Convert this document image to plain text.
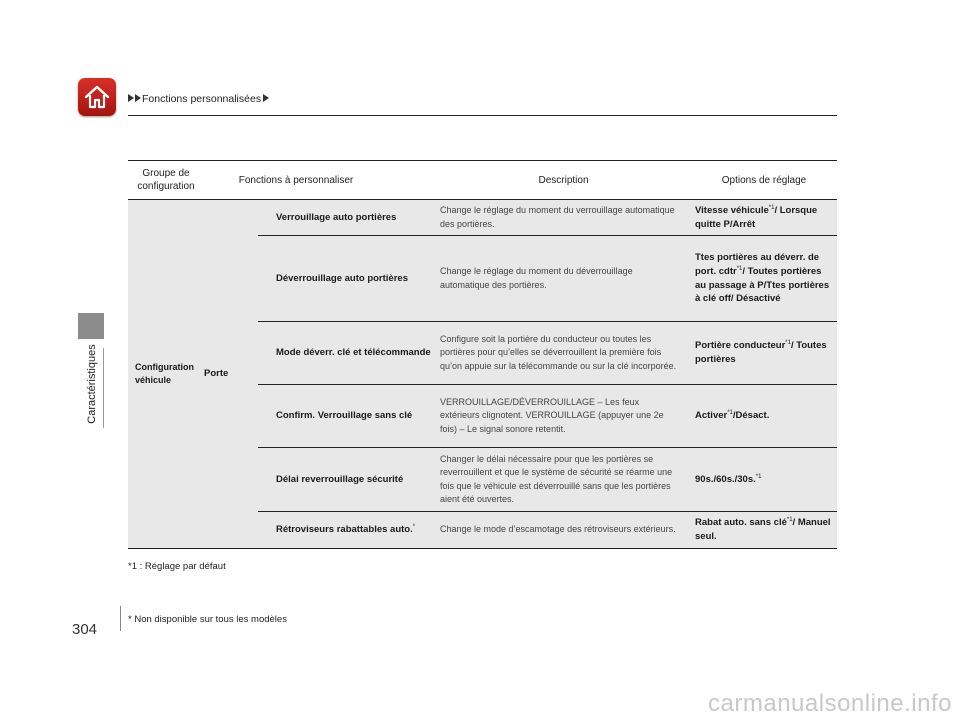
Fonctions personnalisées
Caractéristiques
Groupe de configuration	Fonctions à personnaliser		Description	Options de réglage
Configuration véhicule	Porte	Verrouillage auto portières	Change le réglage du moment du verrouillage automatique des portières.	Vitesse véhicule$^{*1}$/ Lorsque quitte P/Arrêt
		Déverrouillage auto portières	Change le réglage du moment du déverrouillage automatique des portières.	Ttes portières au déverr. de port. cdtr$^{*1}$/ Toutes portières au passage à P/Ttes portières à clé off/ Désactivé
		Mode déverr. clé et télécommande	Configure soit la portière du conducteur ou toutes les portières pour qu’elles se déverrouillent la première fois qu’on appuie sur la télécommande ou sur la clé incorporée.	Portière conducteur$^{*1}$/ Toutes portières
		Confirm. Verrouillage sans clé	VERROUILLAGE/DÉVERROUILLAGE – Les feux extérieurs clignotent. VERROUILLAGE (appuyer une 2e fois) – Le signal sonore retentit.	Activer$^{*1}$/Désact.
		Délai reverrouillage sécurité	Changer le délai nécessaire pour que les portières se reverrouillent et que le système de sécurité se réarme une fois que le véhicule est déverrouillé sans que les portières aient été ouvertes.	90s./60s./30s.$^{*1}$
		Rétroviseurs rabattables auto.*	Change le mode d’escamotage des rétroviseurs extérieurs.	Rabat auto. sans clé$^{*1}$/ Manuel seul.
*1 : Réglage par défaut
304
* Non disponible sur tous les modèles
carmanualsonline.info
